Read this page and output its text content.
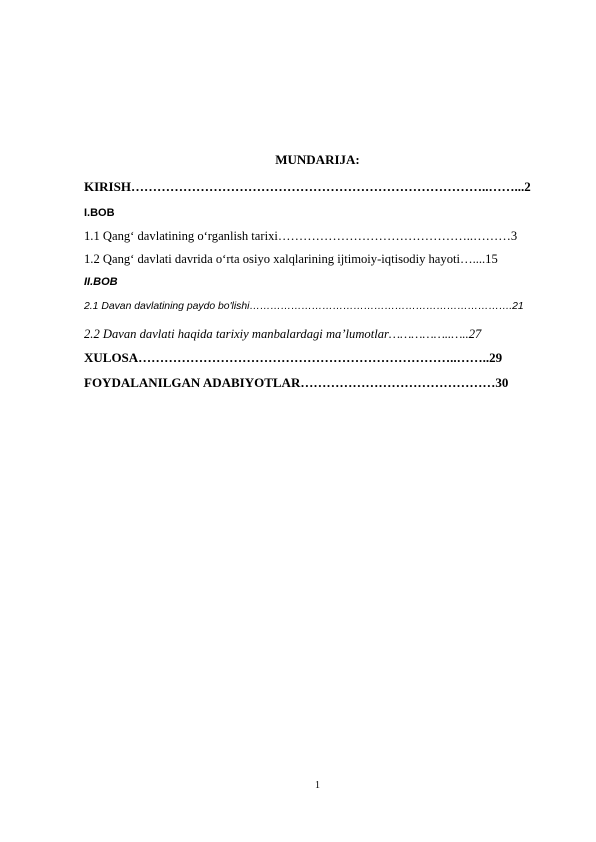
MUNDARIJA:
KIRISH………………………………………………………………………..……...2
I.BOB
1.1 Qang‘ davlatining o‘rganlish tarixi………………………………………..………3
1.2 Qang‘ davlati davrida o‘rta osiyo xalqlarining ijtimoiy-iqtisodiy hayoti…....15
II.BOB
2.1 Davan davlatining paydo bo'lishi………………………………………………………………….21
2.2 Davan davlati haqida tarixiy manbalardagi ma’lumotlar……………..…..27
XULOSA………………………………………………………………..……..29
FOYDALANILGAN ADABIYOTLAR………………………………………30
1
